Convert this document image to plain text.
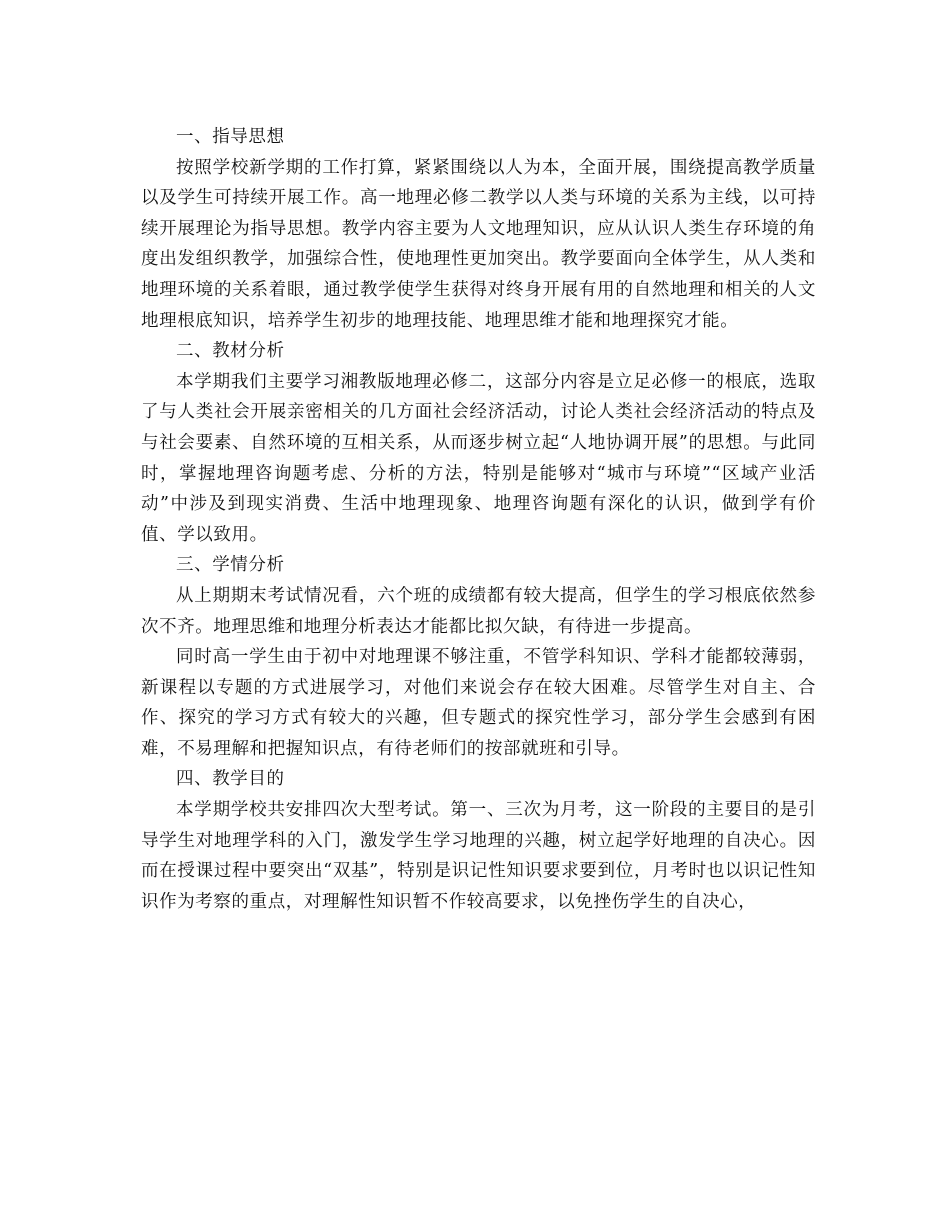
一、指导思想

按照学校新学期的工作打算，紧紧围绕以人为本，全面开展，围绕提高教学质量以及学生可持续开展工作。高一地理必修二教学以人类与环境的关系为主线，以可持续开展理论为指导思想。教学内容主要为人文地理知识，应从认识人类生存环境的角度出发组织教学，加强综合性，使地理性更加突出。教学要面向全体学生，从人类和地理环境的关系着眼，通过教学使学生获得对终身开展有用的自然地理和相关的人文地理根底知识，培养学生初步的地理技能、地理思维才能和地理探究才能。

二、教材分析

本学期我们主要学习湘教版地理必修二，这部分内容是立足必修一的根底，选取了与人类社会开展亲密相关的几方面社会经济活动，讨论人类社会经济活动的特点及与社会要素、自然环境的互相关系，从而逐步树立起“人地协调开展”的思想。与此同时，掌握地理咨询题考虑、分析的方法，特别是能够对“城市与环境”“区域产业活动”中涉及到现实消费、生活中地理现象、地理咨询题有深化的认识，做到学有价值、学以致用。

三、学情分析

从上期期末考试情况看，六个班的成绩都有较大提高，但学生的学习根底依然参次不齐。地理思维和地理分析表达才能都比拟欠缺，有待进一步提高。

同时高一学生由于初中对地理课不够注重，不管学科知识、学科才能都较薄弱，新课程以专题的方式进展学习，对他们来说会存在较大困难。尽管学生对自主、合作、探究的学习方式有较大的兴趣，但专题式的探究性学习，部分学生会感到有困难，不易理解和把握知识点，有待老师们的按部就班和引导。

四、教学目的

本学期学校共安排四次大型考试。第一、三次为月考，这一阶段的主要目的是引导学生对地理学科的入门，激发学生学习地理的兴趣，树立起学好地理的自决心。因而在授课过程中要突出“双基”，特别是识记性知识要求要到位，月考时也以识记性知识作为考察的重点，对理解性知识暂不作较高要求，以免挫伤学生的自决心，
